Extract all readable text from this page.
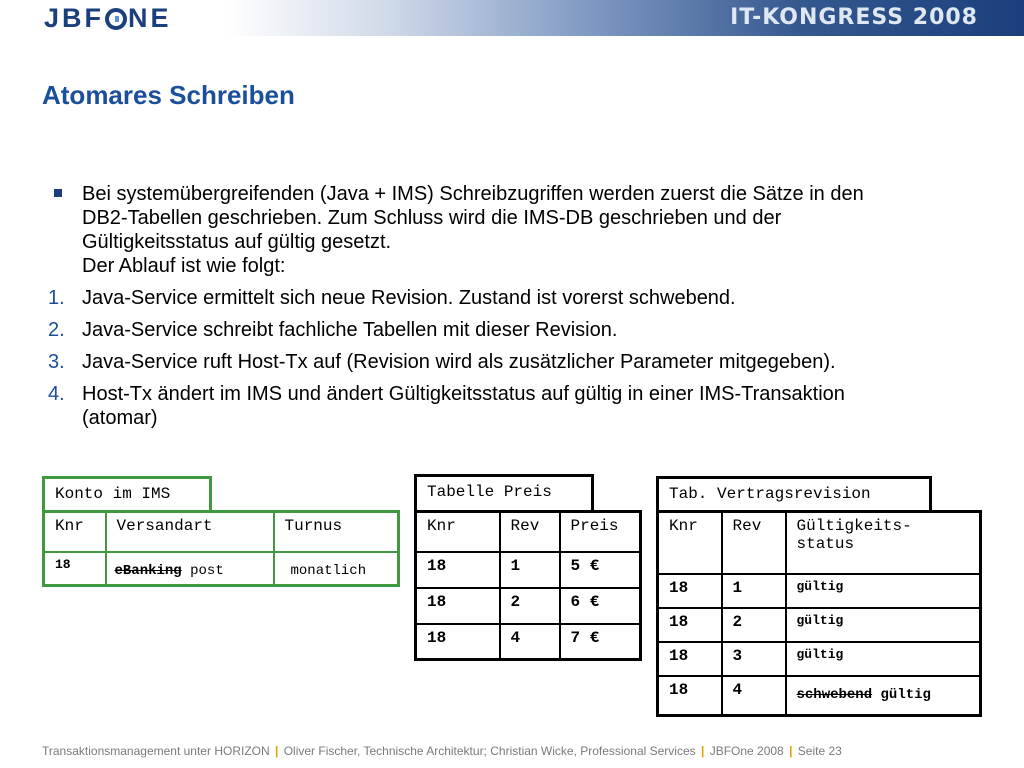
JBF NE	IT-KONGRESS 2008
Atomares Schreiben
Bei systemübergreifenden (Java + IMS) Schreibzugriffen werden zuerst die Sätze in den
DB2-Tabellen geschrieben. Zum Schluss wird die IMS-DB geschrieben und der
Gültigkeitsstatus auf gültig gesetzt.
Der Ablauf ist wie folgt:
1. Java-Service ermittelt sich neue Revision. Zustand ist vorerst schwebend.
2. Java-Service schreibt fachliche Tabellen mit dieser Revision.
3. Java-Service ruft Host-Tx auf (Revision wird als zusätzlicher Parameter mitgegeben).
4. Host-Tx ändert im IMS und ändert Gültigkeitsstatus auf gültig in einer IMS-Transaktion
(atomar)
Konto im IMS
Knr	Versandart	Turnus
18	eBanking post	monatlich
Tabelle Preis
Knr	Rev	Preis
18	1	5 €
18	2	6 €
18	4	7 €
Tab. Vertragsrevision
Knr	Rev	Gültigkeits-
status

18	1	gültig
18	2	gültig
18	3	gültig
18	4	schwebend gültig
Transaktionsmanagement unter HORIZON | Oliver Fischer, Technische Architektur; Christian Wicke, Professional Services | JBFOne 2008 | Seite 23
